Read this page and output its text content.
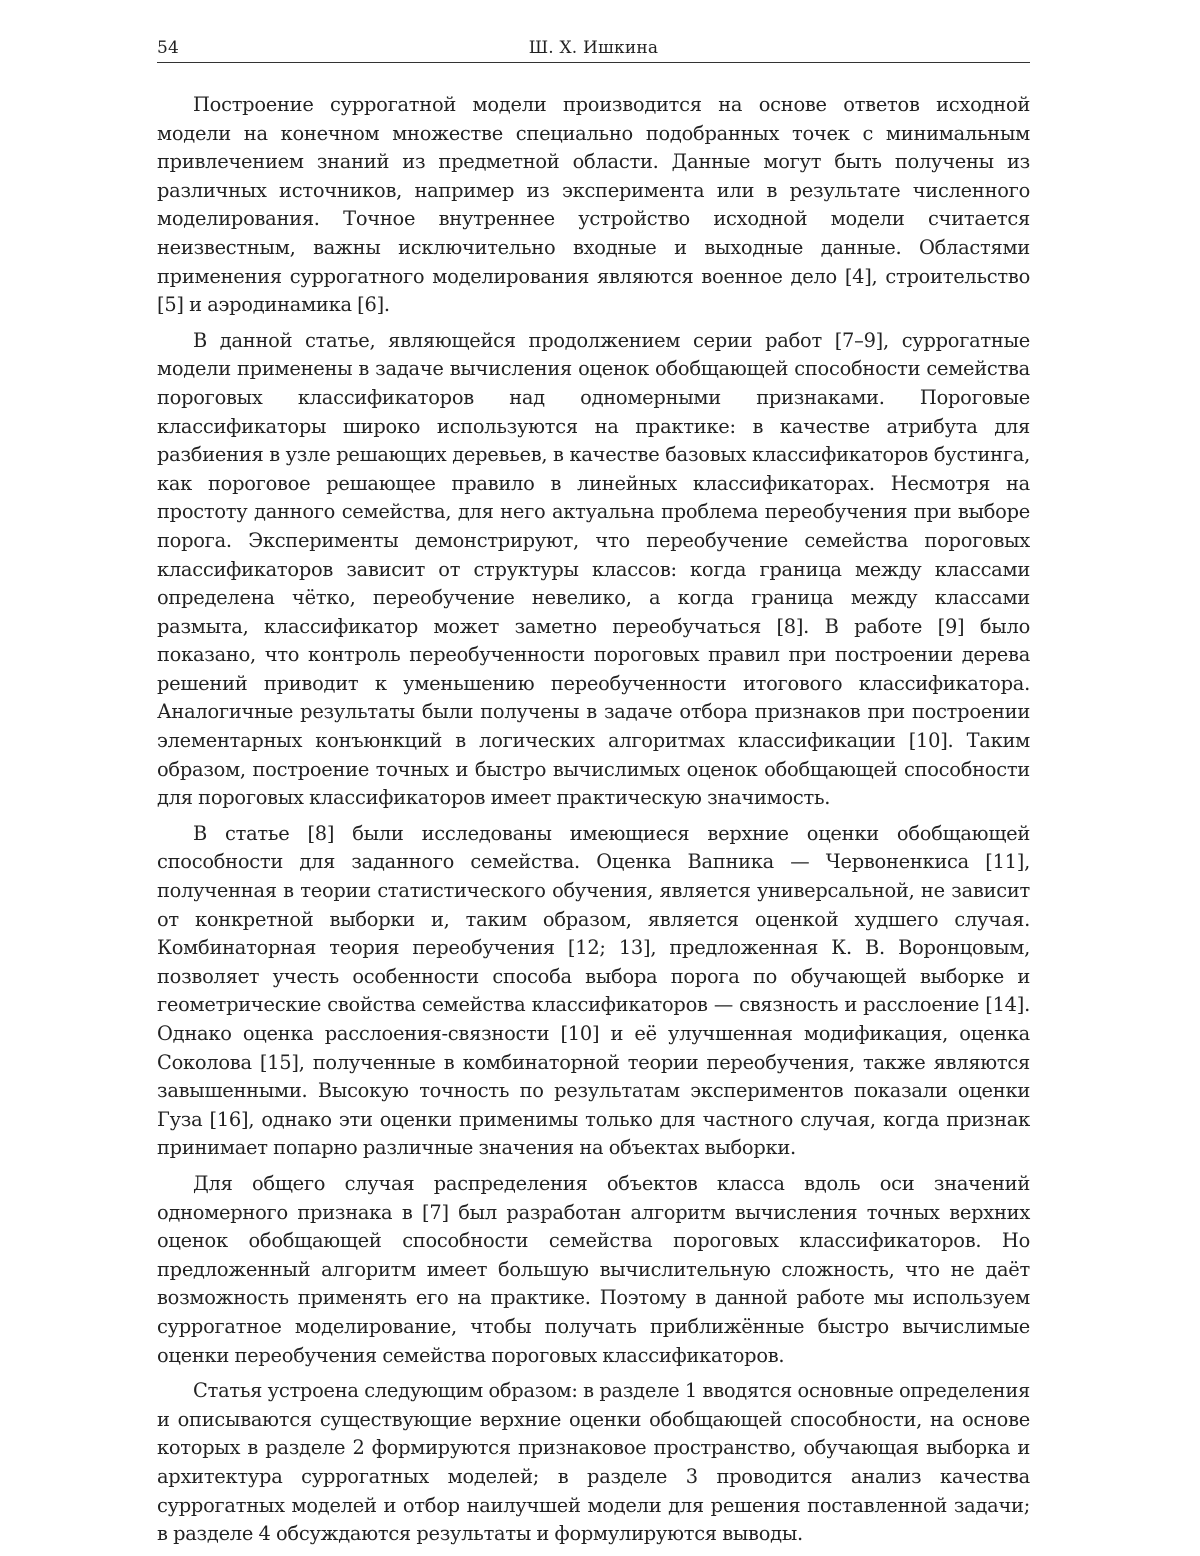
54	Ш. Х. Ишкина

Построение суррогатной модели производится на основе ответов исходной модели на конечном множестве специально подобранных точек с минимальным привлечением знаний из предметной области. Данные могут быть получены из различных источников, например из эксперимента или в результате численного моделирования. Точное внутреннее устройство исходной модели считается неизвестным, важны исключительно входные и выходные данные. Областями применения суррогатного моделирования являются военное дело [4], строительство [5] и аэродинамика [6].

В данной статье, являющейся продолжением серии работ [7–9], суррогатные модели применены в задаче вычисления оценок обобщающей способности семейства пороговых классификаторов над одномерными признаками. Пороговые классификаторы широко используются на практике: в качестве атрибута для разбиения в узле решающих деревьев, в качестве базовых классификаторов бустинга, как пороговое решающее правило в линейных классификаторах. Несмотря на простоту данного семейства, для него актуальна проблема переобучения при выборе порога. Эксперименты демонстрируют, что переобучение семейства пороговых классификаторов зависит от структуры классов: когда граница между классами определена чётко, переобучение невелико, а когда граница между классами размыта, классификатор может заметно переобучаться [8]. В работе [9] было показано, что контроль переобученности пороговых правил при построении дерева решений приводит к уменьшению переобученности итогового классификатора. Аналогичные результаты были получены в задаче отбора признаков при построении элементарных конъюнкций в логических алгоритмах классификации [10]. Таким образом, построение точных и быстро вычислимых оценок обобщающей способности для пороговых классификаторов имеет практическую значимость.

В статье [8] были исследованы имеющиеся верхние оценки обобщающей способности для заданного семейства. Оценка Вапника — Червоненкиса [11], полученная в теории статистического обучения, является универсальной, не зависит от конкретной выборки и, таким образом, является оценкой худшего случая. Комбинаторная теория переобучения [12; 13], предложенная К. В. Воронцовым, позволяет учесть особенности способа выбора порога по обучающей выборке и геометрические свойства семейства классификаторов — связность и расслоение [14]. Однако оценка расслоения-связности [10] и её улучшенная модификация, оценка Соколова [15], полученные в комбинаторной теории переобучения, также являются завышенными. Высокую точность по результатам экспериментов показали оценки Гуза [16], однако эти оценки применимы только для частного случая, когда признак принимает попарно различные значения на объектах выборки.

Для общего случая распределения объектов класса вдоль оси значений одномерного признака в [7] был разработан алгоритм вычисления точных верхних оценок обобщающей способности семейства пороговых классификаторов. Но предложенный алгоритм имеет большую вычислительную сложность, что не даёт возможность применять его на практике. Поэтому в данной работе мы используем суррогатное моделирование, чтобы получать приближённые быстро вычислимые оценки переобучения семейства пороговых классификаторов.

Статья устроена следующим образом: в разделе 1 вводятся основные определения и описываются существующие верхние оценки обобщающей способности, на основе которых в разделе 2 формируются признаковое пространство, обучающая выборка и архитектура суррогатных моделей; в разделе 3 проводится анализ качества суррогатных моделей и отбор наилучшей модели для решения поставленной задачи; в разделе 4 обсуждаются результаты и формулируются выводы.
